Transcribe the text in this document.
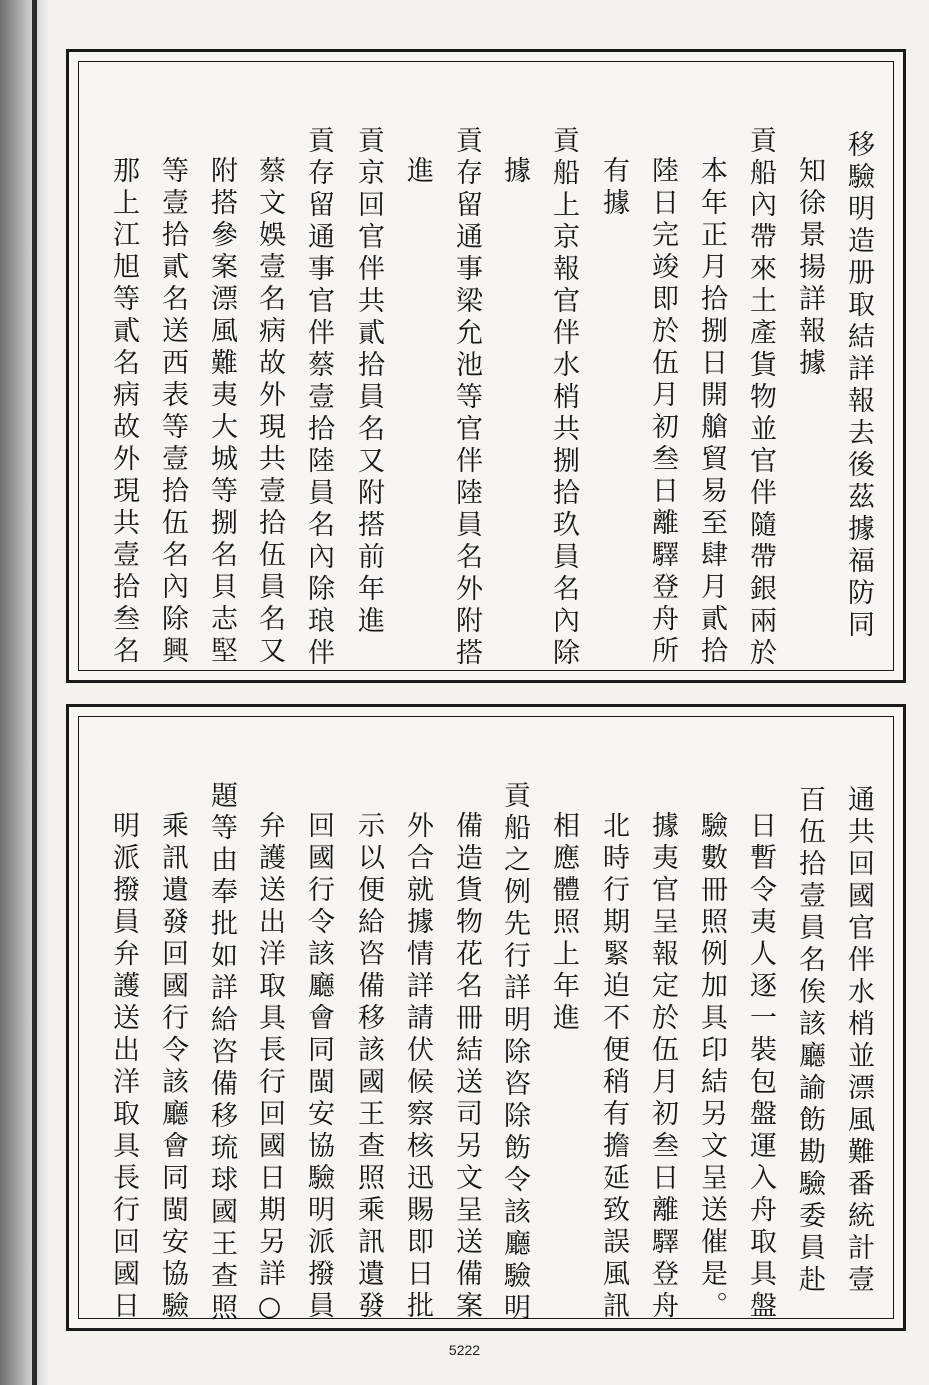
移驗明造册取結詳報去後茲據福防同
知徐景揚詳報據
貢船內帶來土產貨物並官伴隨帶銀兩於
本年正月拾捌日開艙貿易至肆月貳拾
陸日完竣即於伍月初叁日離驛登舟所
有據
貢船上京報官伴水梢共捌拾玖員名內除
據
貢存留通事梁允池等官伴陸員名外附搭
進
貢京回官伴共貳拾員名又附搭前年進
貢存留通事官伴蔡壹拾陸員名內除琅伴
蔡文娛壹名病故外現共壹拾伍員名又
附搭參案漂風難夷大城等捌名貝志堅
等壹拾貳名送西表等壹拾伍名內除興
那上江旭等貳名病故外現共壹拾叁名
通共回國官伴水梢並漂風難番統計壹
百伍拾壹員名俟該廳諭飭勘驗委員赴
日暫令夷人逐一裝包盤運入舟取具盤
驗數冊照例加具印結另文呈送催是。
據夷官呈報定於伍月初叁日離驛登舟
北時行期緊迫不便稍有擔延致誤風訊
相應體照上年進
貢船之例先行詳明除咨除飭令該廳驗明
備造貨物花名冊結送司另文呈送備案
外合就據情詳請伏候察核迅賜即日批
示以便給咨備移該國王查照乘訊遺發
回國行令該廳會同閩安協驗明派撥員
弁護送出洋取具長行回國日期另詳○
題等由奉批如詳給咨備移琉球國王查照
乘訊遺發回國行令該廳會同閩安協驗
明派撥員弁護送出洋取具長行回國日
5222
